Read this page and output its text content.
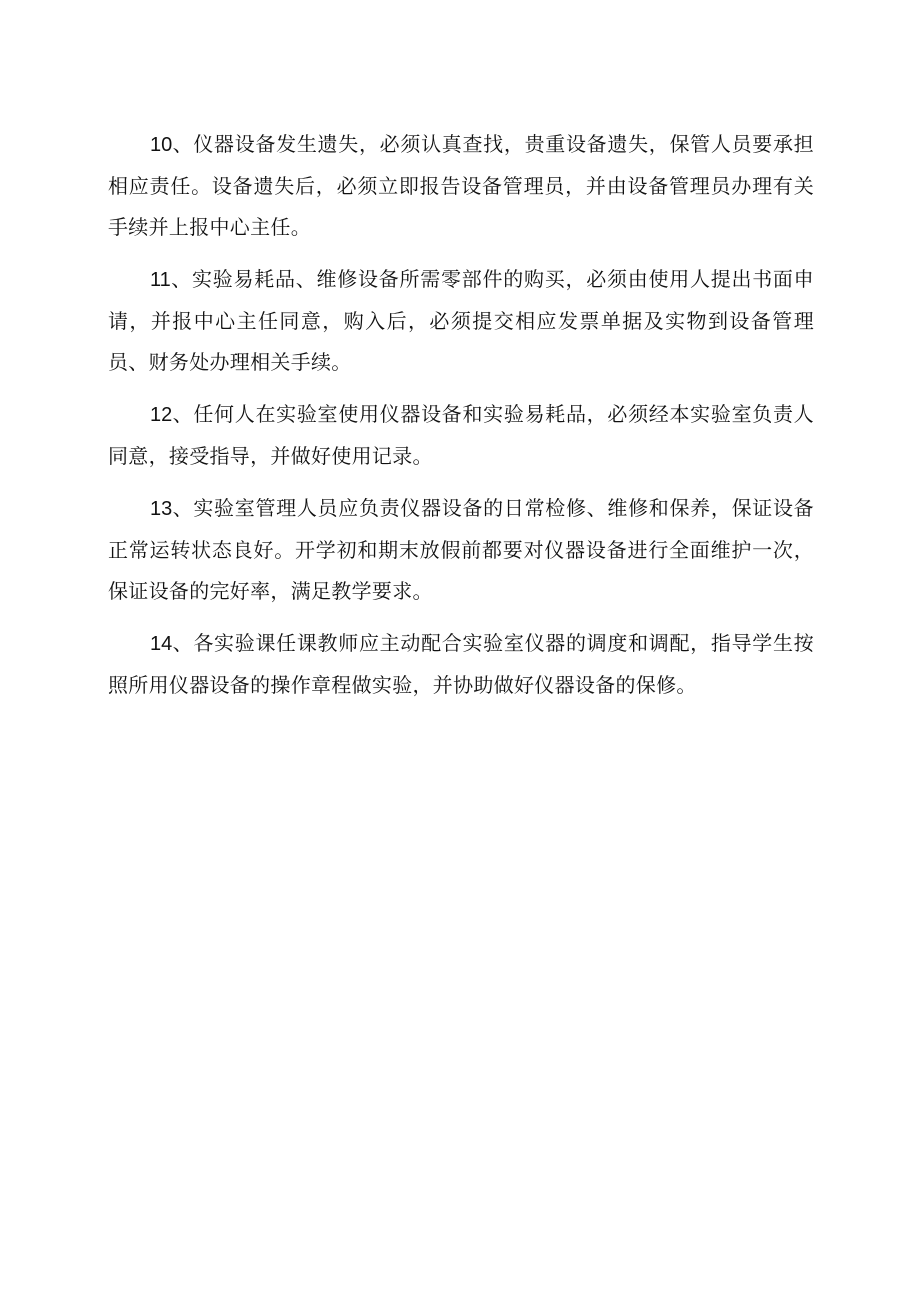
10、仪器设备发生遗失，必须认真查找，贵重设备遗失，保管人员要承担相应责任。设备遗失后，必须立即报告设备管理员，并由设备管理员办理有关手续并上报中心主任。

11、实验易耗品、维修设备所需零部件的购买，必须由使用人提出书面申请，并报中心主任同意，购入后，必须提交相应发票单据及实物到设备管理员、财务处办理相关手续。

12、任何人在实验室使用仪器设备和实验易耗品，必须经本实验室负责人同意，接受指导，并做好使用记录。

13、实验室管理人员应负责仪器设备的日常检修、维修和保养，保证设备正常运转状态良好。开学初和期末放假前都要对仪器设备进行全面维护一次，保证设备的完好率，满足教学要求。

14、各实验课任课教师应主动配合实验室仪器的调度和调配，指导学生按照所用仪器设备的操作章程做实验，并协助做好仪器设备的保修。
